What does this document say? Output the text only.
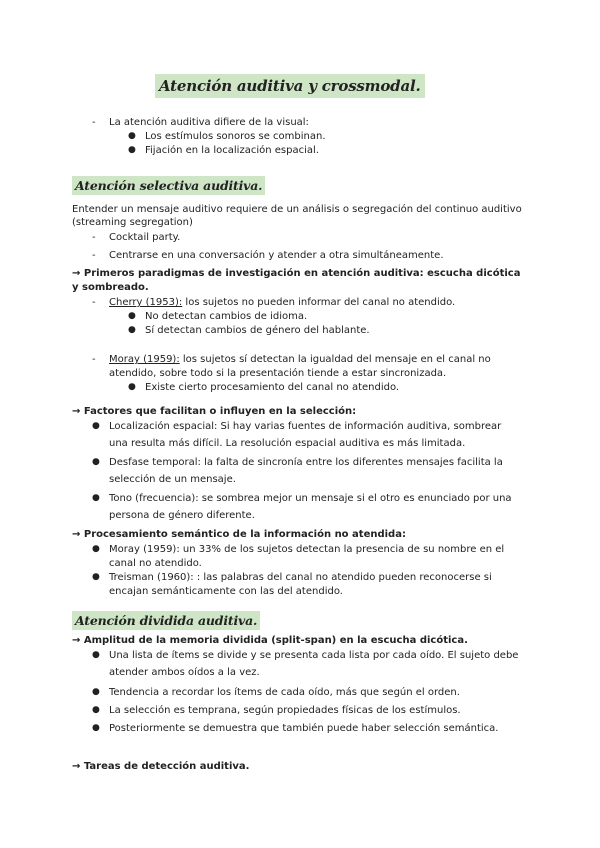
Atención auditiva y crossmodal.
- La atención auditiva difiere de la visual:
● Los estímulos sonoros se combinan.
● Fijación en la localización espacial.
Atención selectiva auditiva.
Entender un mensaje auditivo requiere de un análisis o segregación del continuo auditivo
(streaming segregation)
- Cocktail party.
- Centrarse en una conversación y atender a otra simultáneamente.
→ Primeros paradigmas de investigación en atención auditiva: escucha dicótica
y sombreado.
- Cherry (1953): los sujetos no pueden informar del canal no atendido.
● No detectan cambios de idioma.
● Sí detectan cambios de género del hablante.
- Moray (1959): los sujetos sí detectan la igualdad del mensaje en el canal no
atendido, sobre todo si la presentación tiende a estar sincronizada.
● Existe cierto procesamiento del canal no atendido.
→ Factores que facilitan o influyen en la selección:
● Localización espacial: Si hay varias fuentes de información auditiva, sombrear
una resulta más difícil. La resolución espacial auditiva es más limitada.
● Desfase temporal: la falta de sincronía entre los diferentes mensajes facilita la
selección de un mensaje.
● Tono (frecuencia): se sombrea mejor un mensaje si el otro es enunciado por una
persona de género diferente.
→ Procesamiento semántico de la información no atendida:
● Moray (1959): un 33% de los sujetos detectan la presencia de su nombre en el
canal no atendido.
● Treisman (1960): : las palabras del canal no atendido pueden reconocerse si
encajan semánticamente con las del atendido.
Atención dividida auditiva.
→ Amplitud de la memoria dividida (split-span) en la escucha dicótica.
● Una lista de ítems se divide y se presenta cada lista por cada oído. El sujeto debe
atender ambos oídos a la vez.
● Tendencia a recordar los ítems de cada oído, más que según el orden.
● La selección es temprana, según propiedades físicas de los estímulos.
● Posteriormente se demuestra que también puede haber selección semántica.
→ Tareas de detección auditiva.
